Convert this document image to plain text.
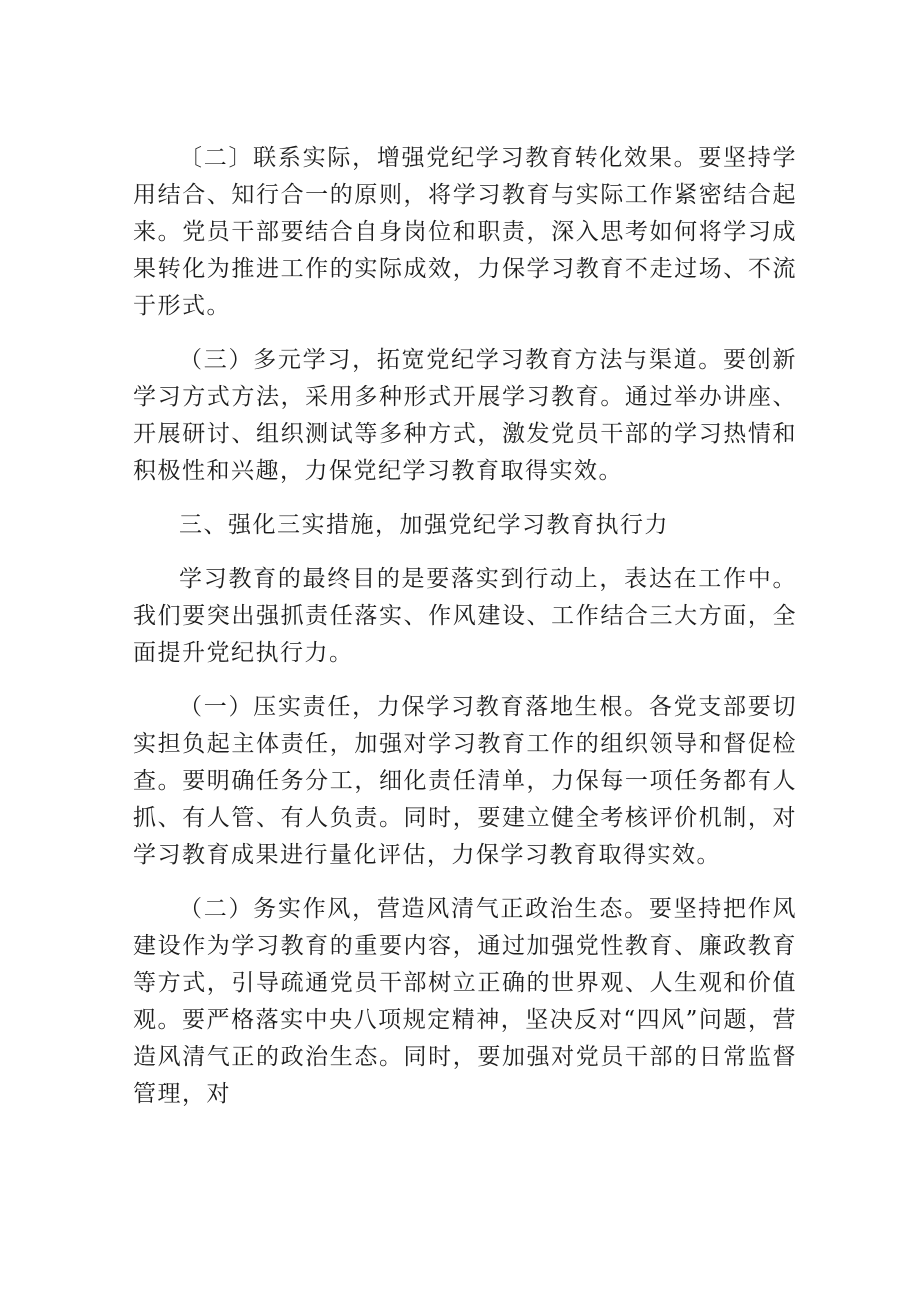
〔二〕联系实际，增强党纪学习教育转化效果。要坚持学用结合、知行合一的原则，将学习教育与实际工作紧密结合起来。党员干部要结合自身岗位和职责，深入思考如何将学习成果转化为推进工作的实际成效，力保学习教育不走过场、不流于形式。

（三）多元学习，拓宽党纪学习教育方法与渠道。要创新学习方式方法，采用多种形式开展学习教育。通过举办讲座、开展研讨、组织测试等多种方式，激发党员干部的学习热情和积极性和兴趣，力保党纪学习教育取得实效。

三、强化三实措施，加强党纪学习教育执行力

学习教育的最终目的是要落实到行动上，表达在工作中。我们要突出强抓责任落实、作风建设、工作结合三大方面，全面提升党纪执行力。

（一）压实责任，力保学习教育落地生根。各党支部要切实担负起主体责任，加强对学习教育工作的组织领导和督促检查。要明确任务分工，细化责任清单，力保每一项任务都有人抓、有人管、有人负责。同时，要建立健全考核评价机制，对学习教育成果进行量化评估，力保学习教育取得实效。

（二）务实作风，营造风清气正政治生态。要坚持把作风建设作为学习教育的重要内容，通过加强党性教育、廉政教育等方式，引导疏通党员干部树立正确的世界观、人生观和价值观。要严格落实中央八项规定精神，坚决反对“四风”问题，营造风清气正的政治生态。同时，要加强对党员干部的日常监督管理，对
